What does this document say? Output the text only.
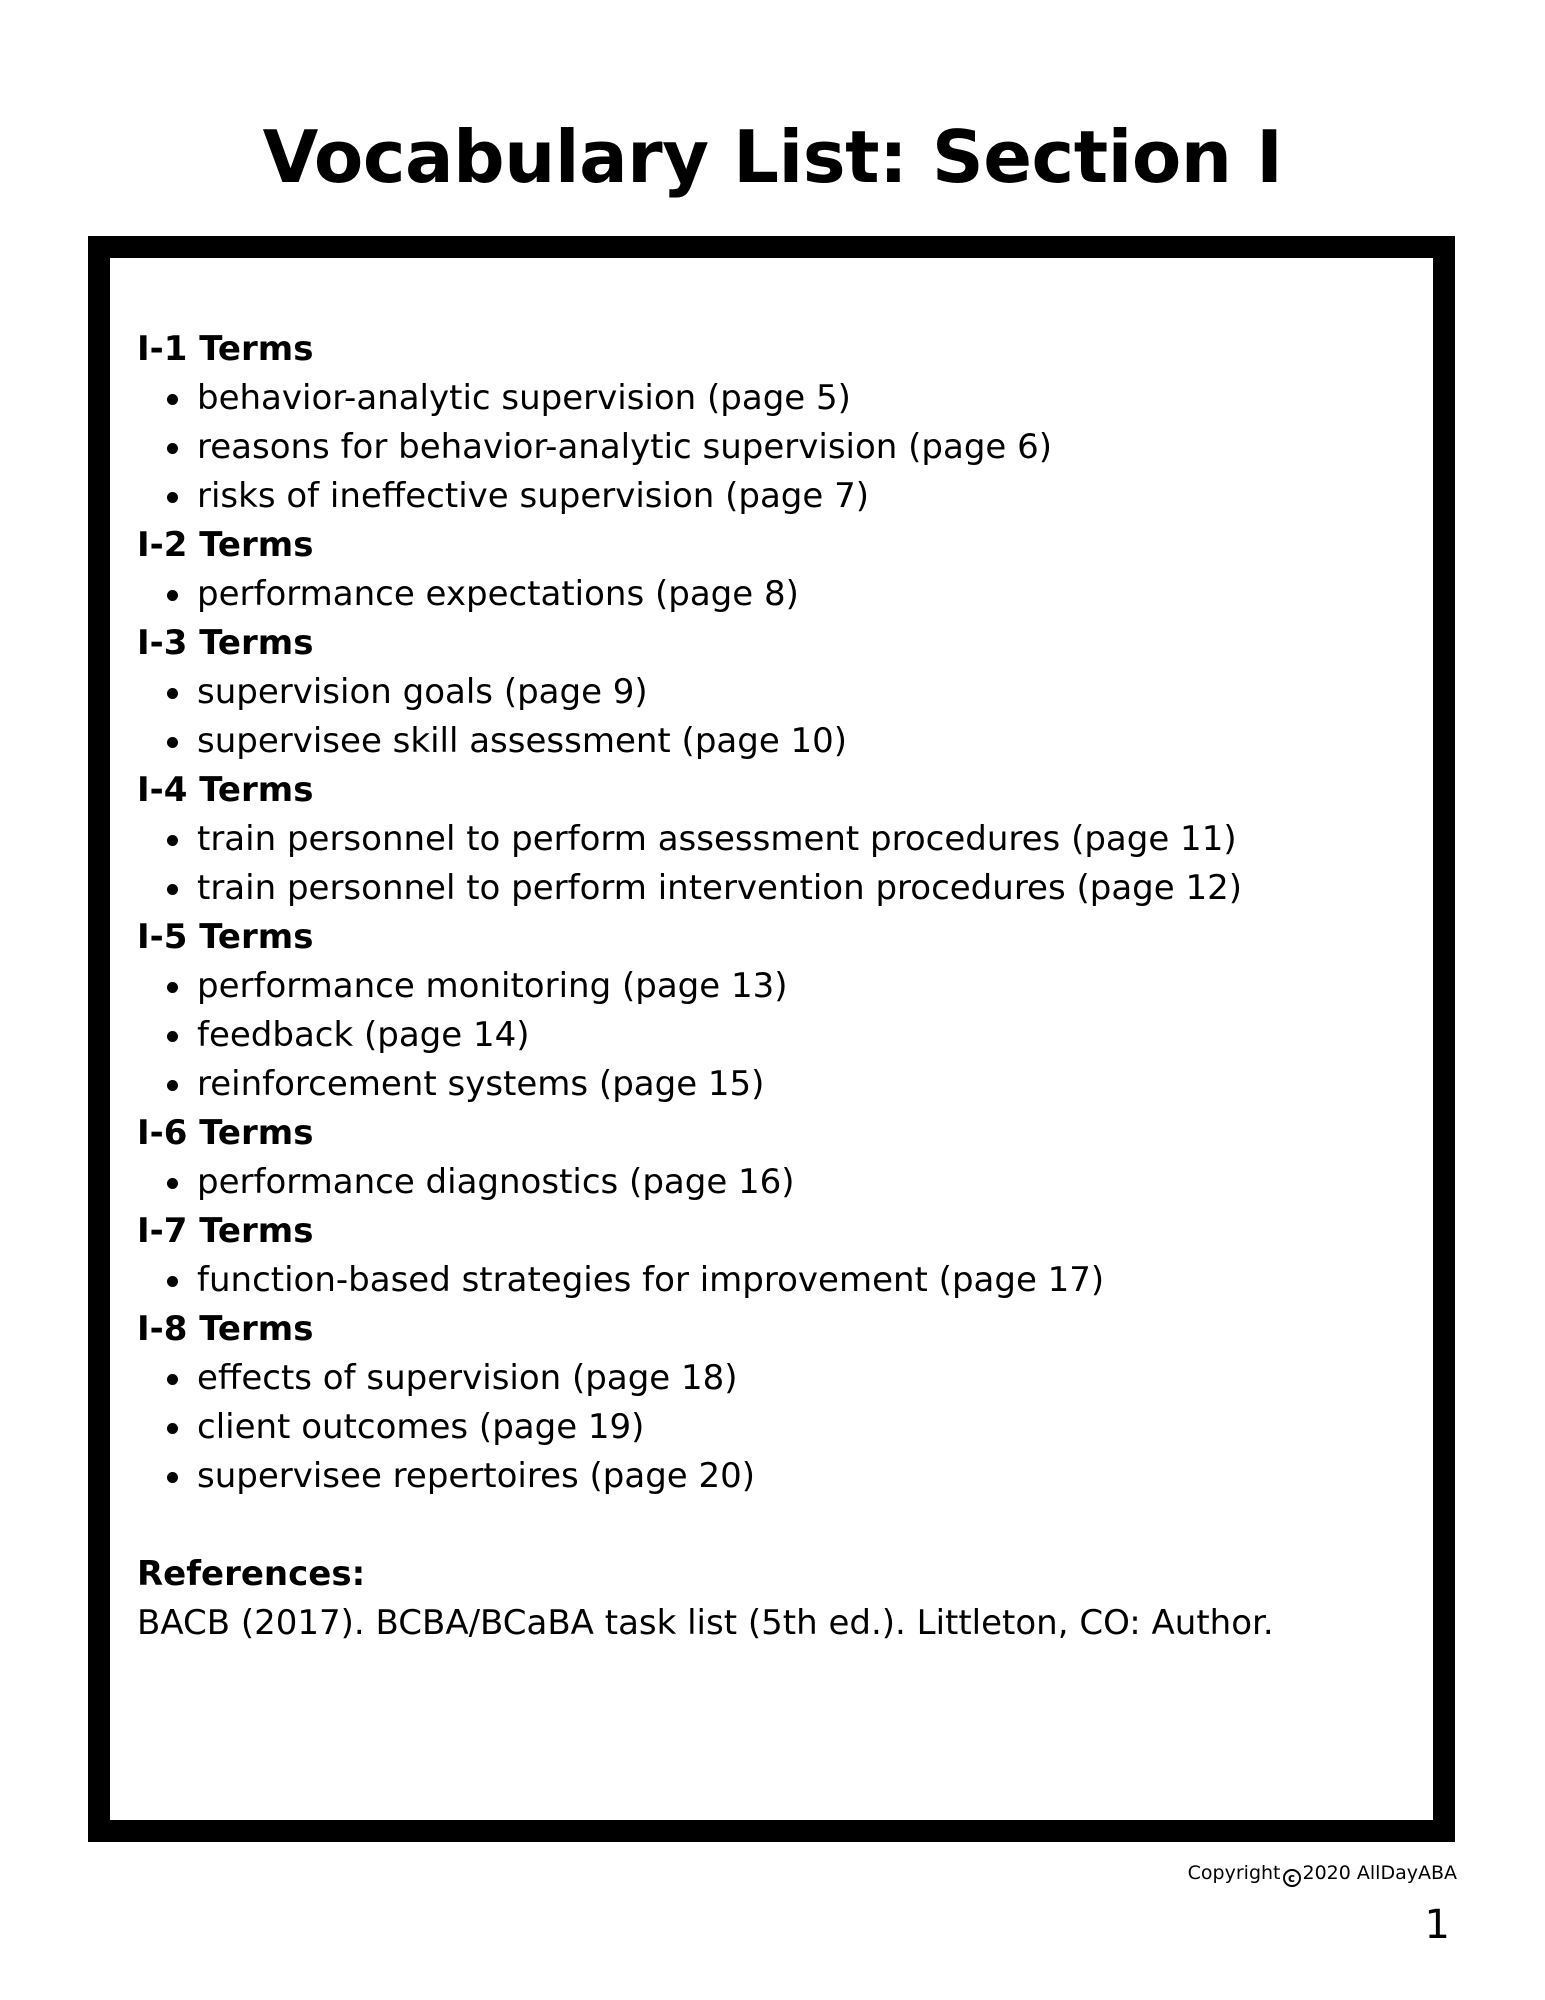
Vocabulary List: Section I
I-1 Terms
behavior-analytic supervision (page 5)
reasons for behavior-analytic supervision (page 6)
risks of ineffective supervision (page 7)
I-2 Terms
performance expectations (page 8)
I-3 Terms
supervision goals (page 9)
supervisee skill assessment (page 10)
I-4 Terms
train personnel to perform assessment procedures (page 11)
train personnel to perform intervention procedures (page 12)
I-5 Terms
performance monitoring (page 13)
feedback (page 14)
reinforcement systems (page 15)
I-6 Terms
performance diagnostics (page 16)
I-7 Terms
function-based strategies for improvement (page 17)
I-8 Terms
effects of supervision (page 18)
client outcomes (page 19)
supervisee repertoires (page 20)
References:
BACB (2017). BCBA/BCaBA task list (5th ed.). Littleton, CO: Author.
Copyright c 2020 AllDayABA
1
